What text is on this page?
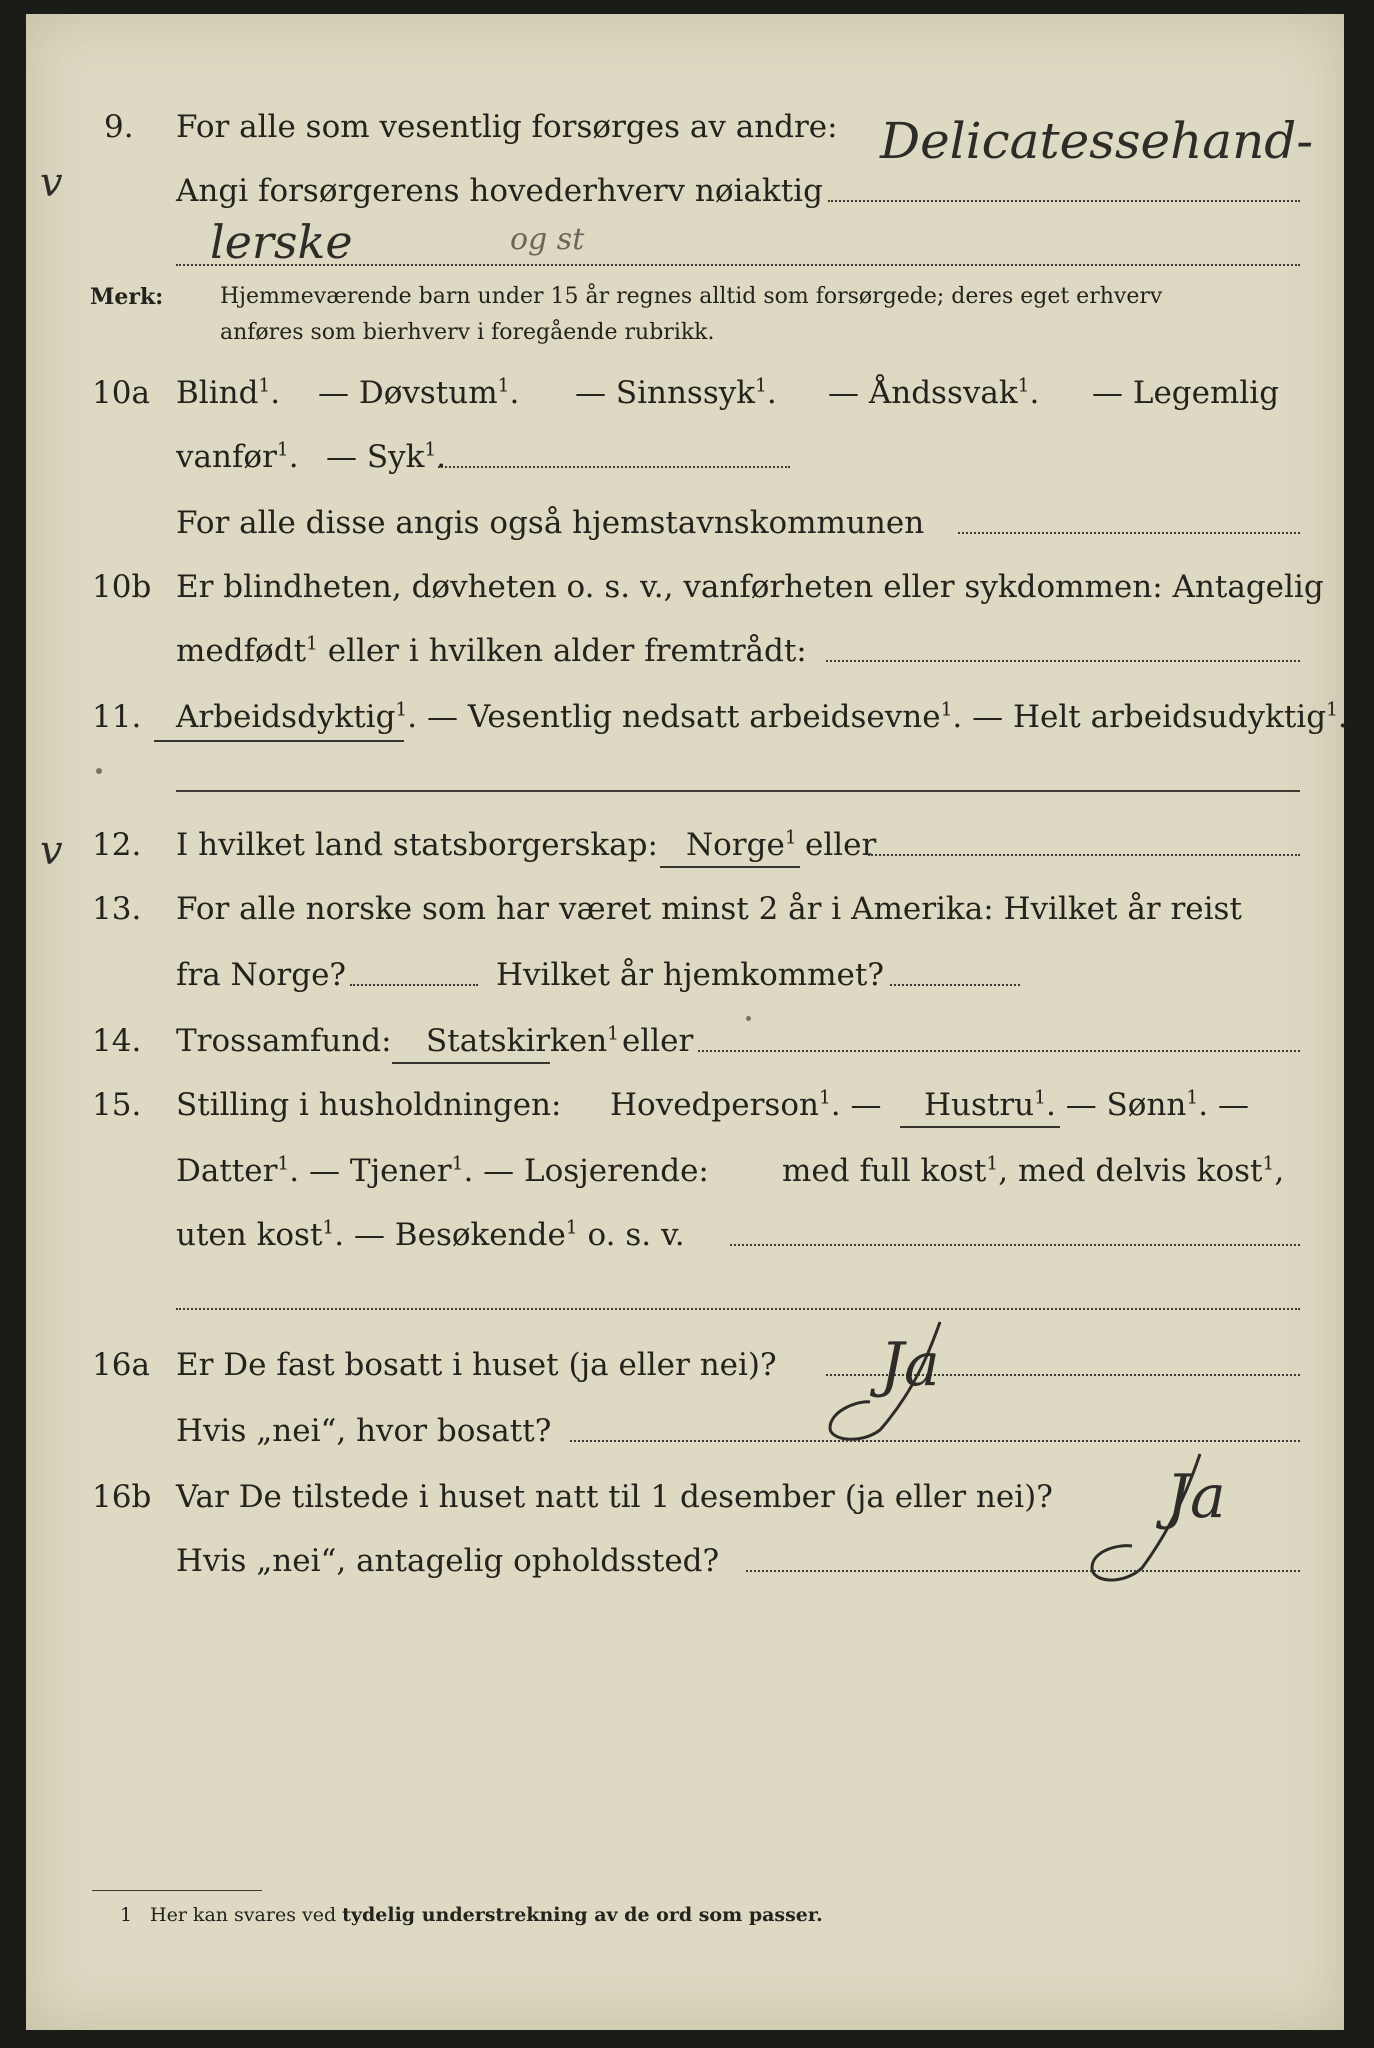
9. For alle som vesentlig forsørges av andre: Delicatessehand-
v	Angi forsørgerens hovederhverv nøiaktig
lerske	og st
Merk:	Hjemmeværende barn under 15 år regnes alltid som forsørgede; deres eget erhverv
anføres som bierhverv i foregående rubrikk.
10a Blind$^1$. — Døvstum$^1$. — Sinnssyk$^1$. — Åndssvak$^1$. — Legemlig
vanfør$^1$. — Syk$^1$.
For alle disse angis også hjemstavnskommunen
10b Er blindheten, døvheten o. s. v., vanførheten eller sykdommen: Antagelig
medfødt$^1$ eller i hvilken alder fremtrådt:
11. Arbeidsdyktig$^1$. — Vesentlig nedsatt arbeidsevne$^1$. — Helt arbeidsudyktig$^1$.
v 12. I hvilket land statsborgerskap: Norge$^1$ eller
13. For alle norske som har været minst 2 år i Amerika: Hvilket år reist
fra Norge?	Hvilket år hjemkommet?
14. Trossamfund: Statskirken$^1$ eller
15. Stilling i husholdningen: Hovedperson$^1$. — Hustru$^1$ . — Sønn$^1$. —
Datter$^1$. — Tjener$^1$. — Losjerende: med full kost$^1$, med delvis kost$^1$,
uten kost$^1$. — Besøkende$^1$ o. s. v.
16a Er De fast bosatt i huset (ja eller nei)? Ja
Hvis „nei“, hvor bosatt?
16b Var De tilstede i huset natt til 1 desember (ja eller nei)? Ja
Hvis „nei“, antagelig opholdssted?
1 Her kan svares ved tydelig understrekning av de ord som passer.
